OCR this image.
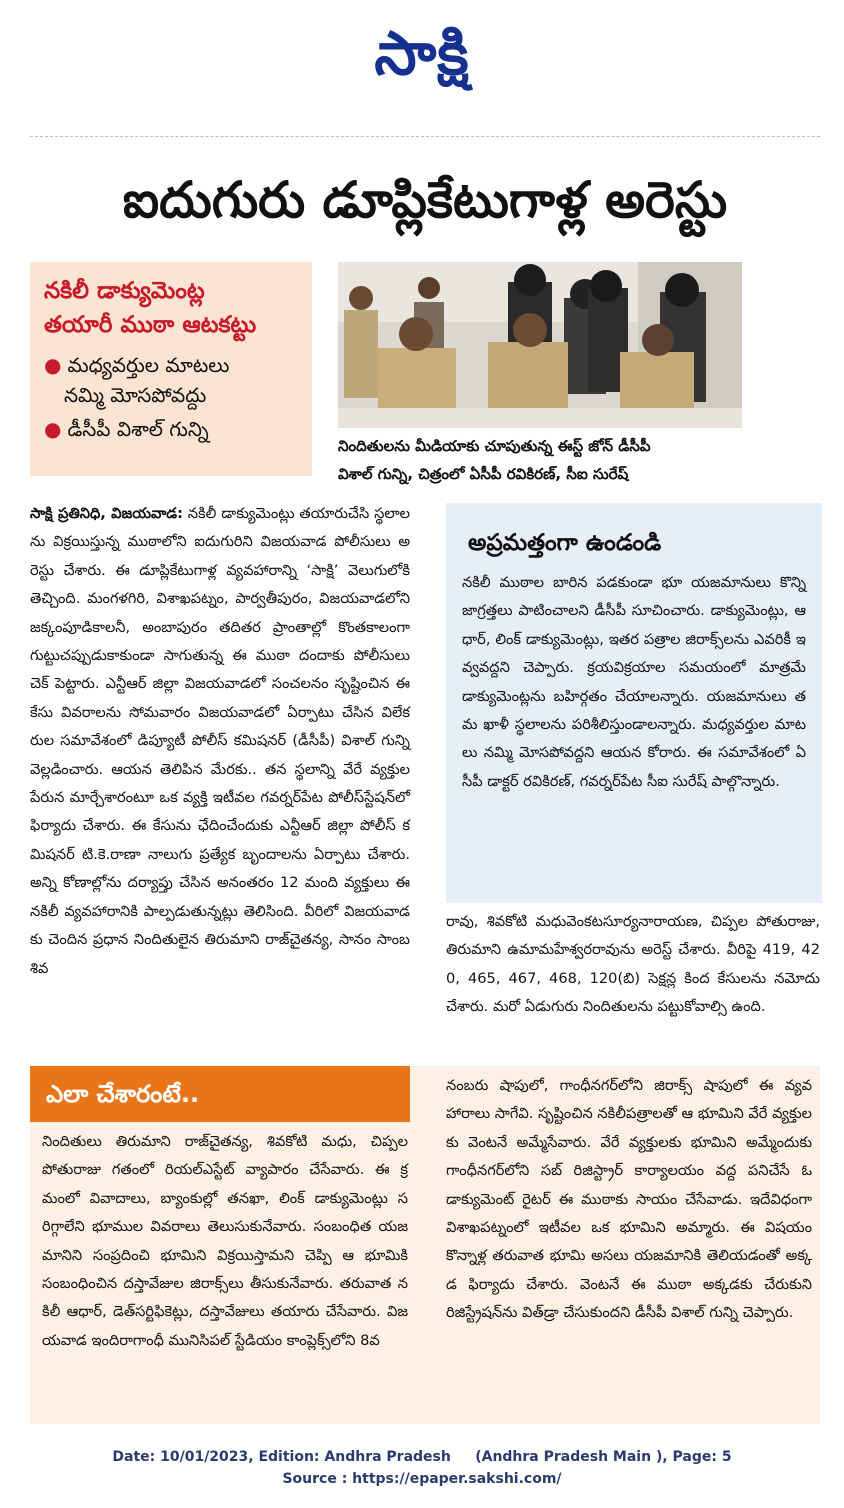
సాక్షి
ఐదుగురు డూప్లికేటుగాళ్ల అరెస్టు
నకిలీ డాక్యుమెంట్ల
తయారీ ముఠా ఆటకట్టు
● మధ్యవర్తుల మాటలు
నమ్మి మోసపోవద్దు
● డీసీపీ విశాల్ గున్ని
నిందితులను మీడియాకు చూపుతున్న ఈస్ట్ జోన్ డీసీపీ
విశాల్ గున్ని, చిత్రంలో ఏసీపీ రవికిరణ్, సీఐ సురేష్
సాక్షి ప్రతినిధి, విజయవాడ: నకిలీ డాక్యుమెంట్లు తయారుచేసి స్థలాలను విక్రయిస్తున్న ముఠాలోని ఐదుగురిని విజయవాడ పోలీసులు అరెస్టు చేశారు. ఈ డూప్లికేటుగాళ్ల వ్యవహారాన్ని ‘సాక్షి’ వెలుగులోకి తెచ్చింది. మంగళగిరి, విశాఖపట్నం, పార్వతీపురం, విజయవాడలోని జక్కంపూడికాలనీ, అంబాపురం తదితర ప్రాంతాల్లో కొంతకాలంగా గుట్టుచప్పుడుకాకుండా సాగుతున్న ఈ ముఠా దందాకు పోలీసులు చెక్ పెట్టారు. ఎన్టీఆర్ జిల్లా విజయవాడలో సంచలనం సృష్టించిన ఈ కేసు వివరాలను సోమవారం విజయవాడలో ఏర్పాటు చేసిన విలేకరుల సమావేశంలో డిప్యూటీ పోలీస్ కమిషనర్ (డీసీపీ) విశాల్ గున్ని వెల్లడించారు. ఆయన తెలిపిన మేరకు.. తన స్థలాన్ని వేరే వ్యక్తుల పేరున మార్చేశారంటూ ఒక వ్యక్తి ఇటీవల గవర్నర్‌పేట పోలీస్‌స్టేషన్‌లో ఫిర్యాదు చేశారు. ఈ కేసును ఛేదించేందుకు ఎన్టీఆర్ జిల్లా పోలీస్ కమిషనర్ టి.కె.రాణా నాలుగు ప్రత్యేక బృందాలను ఏర్పాటు చేశారు. అన్ని కోణాల్లోను దర్యాప్తు చేసిన అనంతరం 12 మంది వ్యక్తులు ఈ నకిలీ వ్యవహారానికి పాల్పడుతున్నట్లు తెలిసింది. వీరిలో విజయవాడకు చెందిన ప్రధాన నిందితులైన తిరుమాని రాజ్‌చైతన్య, సానం సాంబశివ
అప్రమత్తంగా ఉండండి
నకిలీ ముఠాల బారిన పడకుండా భూ యజమానులు కొన్ని జాగ్రత్తలు పాటించాలని డీసీపీ సూచించారు. డాక్యుమెంట్లు, ఆధార్, లింక్ డాక్యుమెంట్లు, ఇతర పత్రాల జిరాక్స్‌లను ఎవరికీ ఇవ్వవద్దని చెప్పారు. క్రయవిక్రయాల సమయంలో మాత్రమే డాక్యుమెంట్లను బహిర్గతం చేయాలన్నారు. యజమానులు తమ ఖాళీ స్థలాలను పరిశీలిస్తుండాలన్నారు. మధ్యవర్తుల మాటలు నమ్మి మోసపోవద్దని ఆయన కోరారు. ఈ సమావేశంలో ఏసీపీ డాక్టర్ రవికిరణ్, గవర్నర్‌పేట సీఐ సురేష్ పాల్గొన్నారు.
రావు, శివకోటి మధువెంకటసూర్యనారాయణ, చిప్పల పోతురాజు, తిరుమాని ఉమామహేశ్వరరావును అరెస్ట్ చేశారు. వీరిపై 419, 420, 465, 467, 468, 120(బి) సెక్షన్ల కింద కేసులను నమోదు చేశారు. మరో ఏడుగురు నిందితులను పట్టుకోవాల్సి ఉంది.
ఎలా చేశారంటే..
నిందితులు తిరుమాని రాజ్‌చైతన్య, శివకోటి మధు, చిప్పల పోతురాజు గతంలో రియల్‌ఎస్టేట్ వ్యాపారం చేసేవారు. ఈ క్రమంలో వివాదాలు, బ్యాంకుల్లో తనఖా, లింక్ డాక్యుమెంట్లు సరిగ్గాలేని భూముల వివరాలు తెలుసుకునేవారు. సంబంధిత యజమానిని సంప్రదించి భూమిని విక్రయిస్తామని చెప్పి ఆ భూమికి సంబంధించిన దస్తావేజుల జిరాక్స్‌లు తీసుకునేవారు. తరువాత నకిలీ ఆధార్, డెత్‌సర్టిఫికెట్లు, దస్తావేజులు తయారు చేసేవారు. విజయవాడ ఇందిరాగాంధీ మునిసిపల్ స్టేడియం కాంప్లెక్స్‌లోని 8వ
నంబరు షాపులో, గాంధీనగర్‌లోని జిరాక్స్ షాపులో ఈ వ్యవహారాలు సాగేవి. సృష్టించిన నకిలీపత్రాలతో ఆ భూమిని వేరే వ్యక్తులకు వెంటనే అమ్మేసేవారు. వేరే వ్యక్తులకు భూమిని అమ్మేందుకు గాంధీనగర్‌లోని సబ్ రిజిస్ట్రార్ కార్యాలయం వద్ద పనిచేసే ఓ డాక్యుమెంట్ రైటర్ ఈ ముఠాకు సాయం చేసేవాడు. ఇదేవిధంగా విశాఖపట్నంలో ఇటీవల ఒక భూమిని అమ్మారు. ఈ విషయం కొన్నాళ్ల తరువాత భూమి అసలు యజమానికి తెలియడంతో అక్కడ ఫిర్యాదు చేశారు. వెంటనే ఈ ముఠా అక్కడకు చేరుకుని రిజిస్ట్రేషన్‌ను విత్‌డ్రా చేసుకుందని డీసీపీ విశాల్ గున్ని చెప్పారు.
Date: 10/01/2023, Edition: Andhra Pradesh     (Andhra Pradesh Main ), Page: 5
Source : https://epaper.sakshi.com/
